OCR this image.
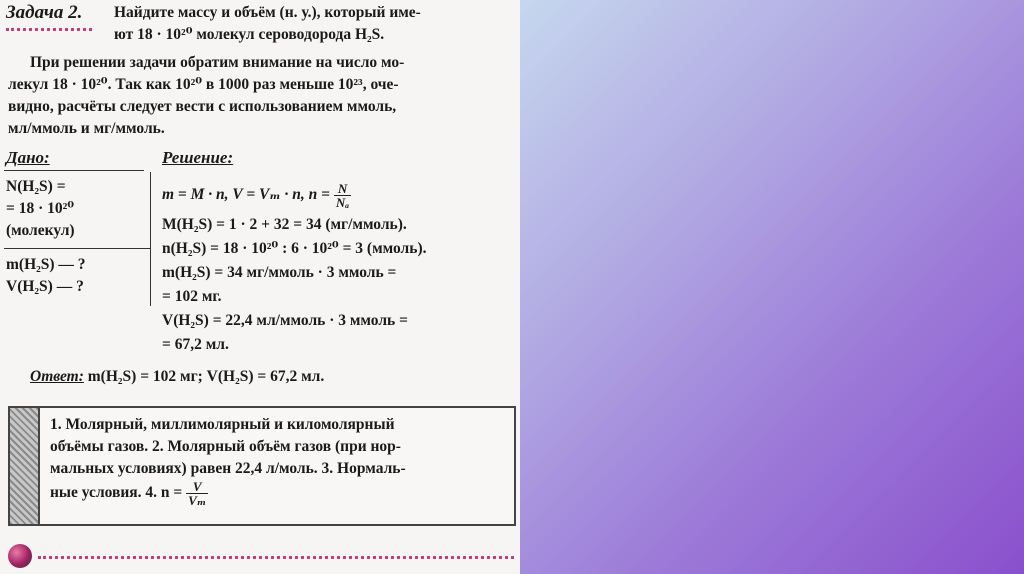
Задача 2. Найдите массу и объём (н. у.), который име-
ют 18 · 10²⁰ молекул сероводорода H₂S.
При решении задачи обратим внимание на число мо-
лекул 18 · 10²⁰. Так как 10²⁰ в 1000 раз меньше 10²³, оче-
видно, расчёты следует вести с использованием ммоль,
мл/ммоль и мг/ммоль.
Дано:	Решение:
N(H₂S) =
= 18 · 10²⁰
(молекул)
m(H₂S) — ?
V(H₂S) — ?
m = M · n, V = Vₘ · n, $n = \frac{N}{\text{Nₐ}}$
M(H₂S) = 1 · 2 + 32 = 34 (мг/ммоль).
n(H₂S) = 18 · 10²⁰ : 6 · 10²⁰ = 3 (ммоль).
m(H₂S) = 34 мг/ммоль · 3 ммоль =
= 102 мг.
V(H₂S) = 22,4 мл/ммоль · 3 ммоль =
= 67,2 мл.
Ответ: m(H₂S) = 102 мг; V(H₂S) = 67,2 мл.
1. Молярный, миллимолярный и киломолярный
объёмы газов. 2. Молярный объём газов (при нор-
мальных условиях) равен 22,4 л/моль. 3. Нормаль-
ные условия. 4. $n = \frac{V}{\text{Vₘ}}$
